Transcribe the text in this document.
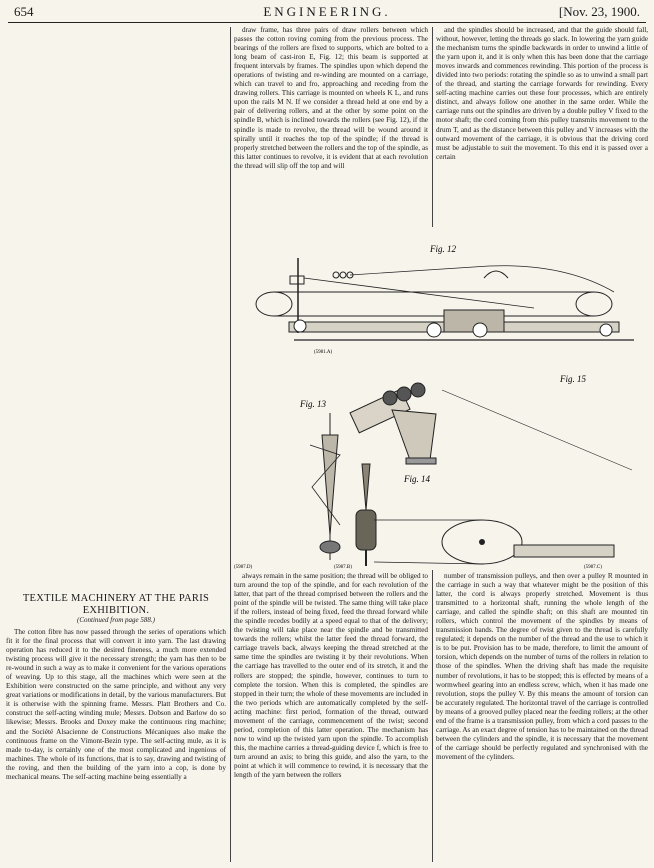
654	ENGINEERING.	[Nov. 23, 1900.

draw frame, has three pairs of draw rollers between which passes the cotton roving coming from the previous process. The bearings of the rollers are fixed to supports, which are bolted to a long beam of cast-iron E, Fig. 12; this beam is supported at frequent intervals by frames. The spindles upon which depend the operations of twisting and re-winding are mounted on a carriage, which can travel to and fro, approaching and receding from the drawing rollers. This carriage is mounted on wheels K L, and runs upon the rails M N. If we consider a thread held at one end by a pair of delivering rollers, and at the other by some point on the spindle B, which is inclined towards the rollers (see Fig. 12), if the spindle is made to revolve, the thread will be wound around it spirally until it reaches the top of the spindle; if the thread is properly stretched between the rollers and the top of the spindle, as this latter continues to revolve, it is evident that at each revolution the thread will slip off the top and will

and the spindles should be increased, and that the guide should fall, without, however, letting the threads go slack. In lowering the yarn guide the mechanism turns the spindle backwards in order to unwind a little of the yarn upon it, and it is only when this has been done that the carriage moves inwards and commences rewinding. This portion of the process is divided into two periods: rotating the spindle so as to unwind a small part of the thread, and starting the carriage forwards for rewinding. Every self-acting machine carries out these four processes, which are entirely distinct, and always follow one another in the same order. While the carriage runs out the spindles are driven by a double pulley V fixed to the motor shaft; the cord coming from this pulley transmits movement to the drum T, and as the distance between this pulley and V increases with the outward movement of the carriage, it is obvious that the driving cord must be adjustable to suit the movement. To this end it is passed over a certain

Fig. 12
(5981.A)
Fig. 15
Fig. 13
Fig. 14
(5987.B)	(5987.C)
(5987.D)
TEXTILE MACHINERY AT THE PARIS EXHIBITION.
(Continued from page 588.)

The cotton fibre has now passed through the series of operations which fit it for the final process that will convert it into yarn. The last drawing operation has reduced it to the desired fineness, a much more extended twisting process will give it the necessary strength; the yarn has then to be re-wound in such a way as to make it convenient for the various operations of weaving. Up to this stage, all the machines which were seen at the Exhibition were constructed on the same principle, and without any very great variations or modifications in detail, by the various manufacturers. But it is otherwise with the spinning frame. Messrs. Platt Brothers and Co. construct the self-acting winding mule; Messrs. Dobson and Barlow do so likewise; Messrs. Brooks and Doxey make the continuous ring machine; and the Société Alsacienne de Constructions Mécaniques also make the continuous frame on the Vimont-Bezin type. The self-acting mule, as it is made to-day, is certainly one of the most complicated and ingenious of machines. The whole of its functions, that is to say, drawing and twisting of the roving, and then the building of the yarn into a cop, is done by mechanical means. The self-acting machine being essentially a

always remain in the same position; the thread will be obliged to turn around the top of the spindle, and for each revolution of the latter, that part of the thread comprised between the rollers and the point of the spindle will be twisted. The same thing will take place if the rollers, instead of being fixed, feed the thread forward while the spindle recedes bodily at a speed equal to that of the delivery; the twisting will take place near the spindle and be transmitted towards the rollers; whilst the latter feed the thread forward, the carriage travels back, always keeping the thread stretched at the same time the spindles are twisting it by their revolutions. When the carriage has travelled to the outer end of its stretch, it and the rollers are stopped; the spindle, however, continues to turn to complete the torsion. When this is completed, the spindles are stopped in their turn; the whole of these movements are included in the two periods which are automatically completed by the self-acting machine: first period, formation of the thread, outward movement of the carriage, commencement of the twist; second period, completion of this latter operation. The mechanism has now to wind up the twisted yarn upon the spindle. To accomplish this, the machine carries a thread-guiding device f, which is free to turn around an axis; to bring this guide, and also the yarn, to the point at which it will commence to rewind, it is necessary that the length of the yarn between the rollers

number of transmission pulleys, and then over a pulley R mounted in the carriage in such a way that whatever might be the position of this latter, the cord is always properly stretched. Movement is thus transmitted to a horizontal shaft, running the whole length of the carriage, and called the spindle shaft; on this shaft are mounted tin rollers, which control the movement of the spindles by means of transmission bands. The degree of twist given to the thread is carefully regulated; it depends on the number of the thread and the use to which it is to be put. Provision has to be made, therefore, to limit the amount of torsion, which depends on the number of turns of the rollers in relation to those of the spindles. When the driving shaft has made the requisite number of revolutions, it has to be stopped; this is effected by means of a wormwheel gearing into an endless screw, which, when it has made one revolution, stops the pulley V. By this means the amount of torsion can be accurately regulated. The horizontal travel of the carriage is controlled by means of a grooved pulley placed near the feeding rollers; at the other end of the frame is a transmission pulley, from which a cord passes to the carriage. As an exact degree of tension has to be maintained on the thread between the cylinders and the spindle, it is necessary that the movement of the carriage should be perfectly regulated and synchronised with the movement of the cylinders.
